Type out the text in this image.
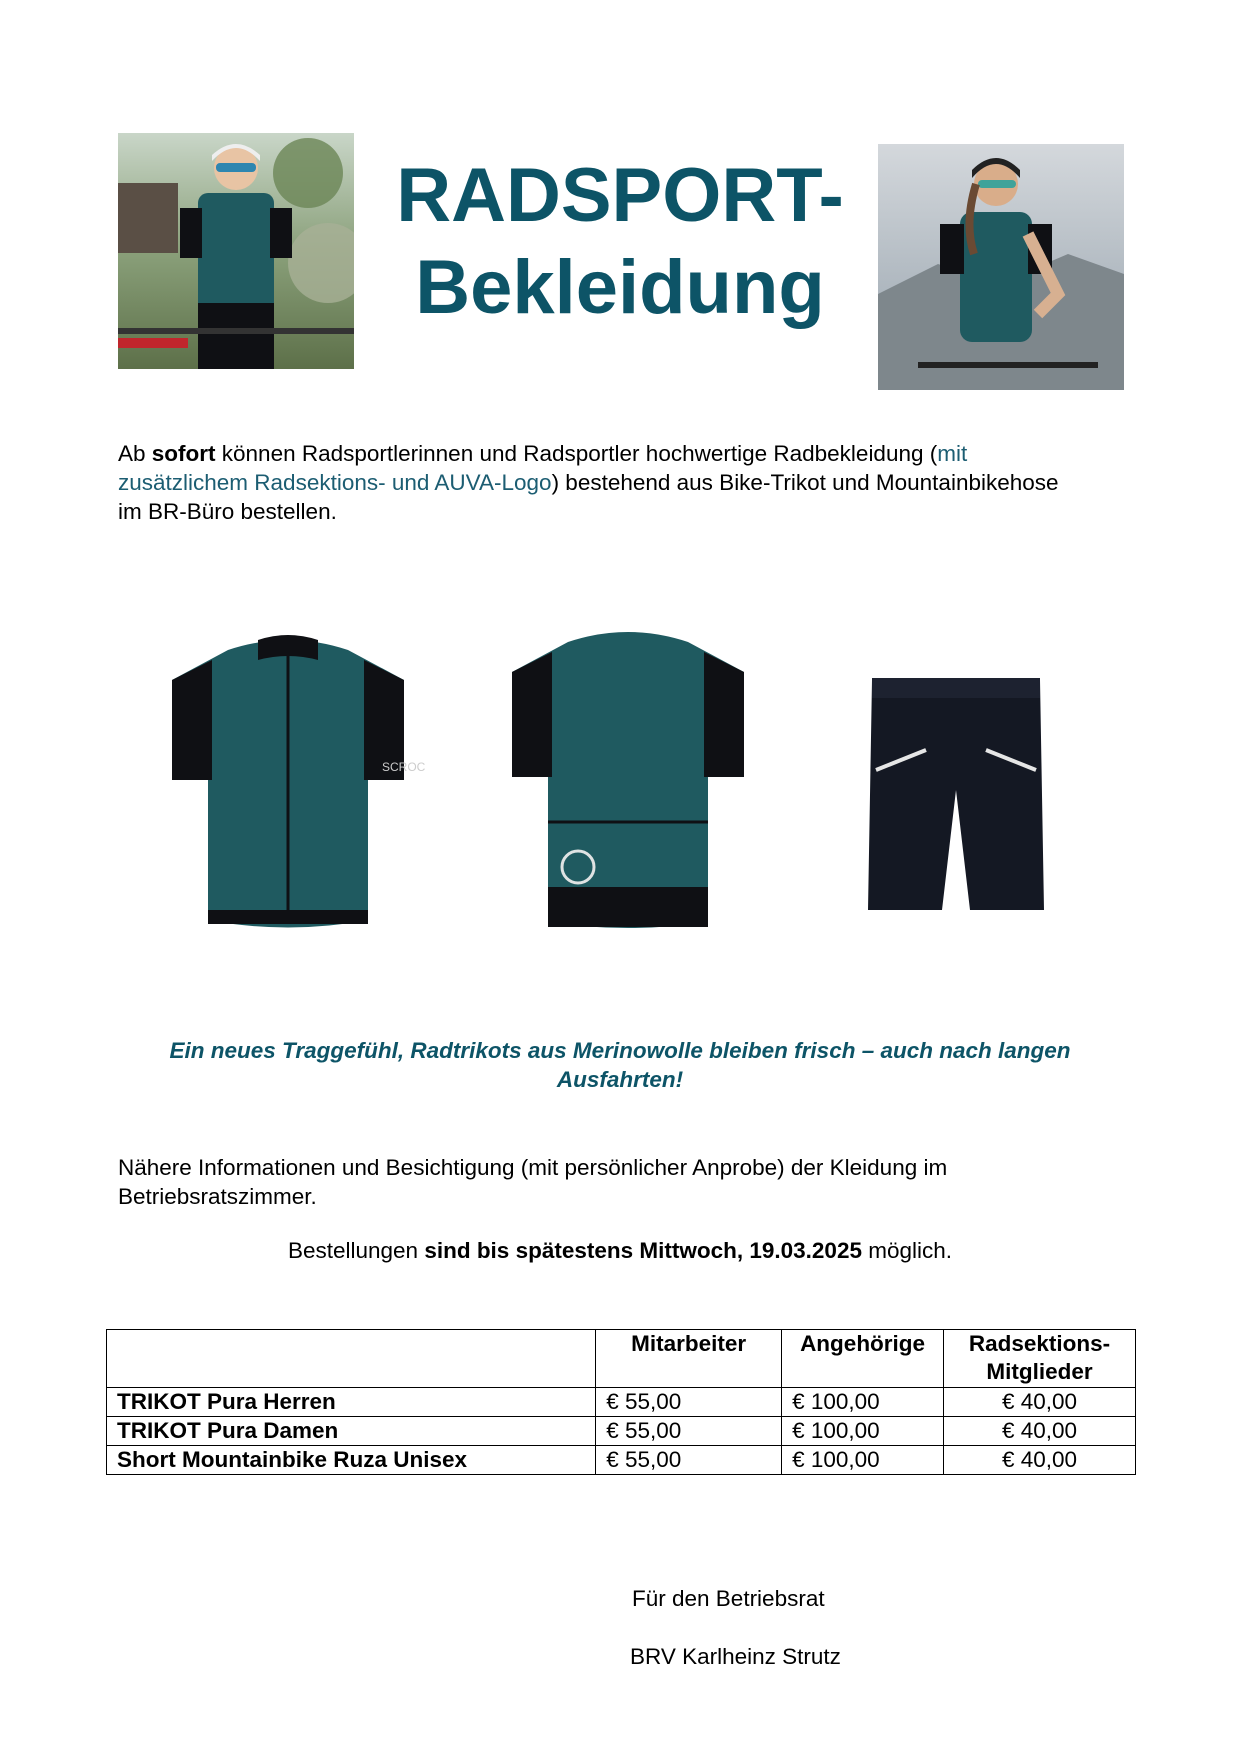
RADSPORT-
Bekleidung
Ab sofort können Radsportlerinnen und Radsportler hochwertige Radbekleidung (mit zusätzlichem Radsektions- und AUVA-Logo) bestehend aus Bike-Trikot und Mountainbikehose im BR-Büro bestellen.
SCROC
Ein neues Traggefühl, Radtrikots aus Merinowolle bleiben frisch – auch nach langen Ausfahrten!
Nähere Informationen und Besichtigung (mit persönlicher Anprobe) der Kleidung im Betriebsratszimmer.
Bestellungen sind bis spätestens Mittwoch, 19.03.2025 möglich.
	Mitarbeiter	Angehörige	Radsektions-Mitglieder
TRIKOT Pura Herren	€ 55,00	€ 100,00	€ 40,00
TRIKOT Pura Damen	€ 55,00	€ 100,00	€ 40,00
Short Mountainbike Ruza Unisex	€ 55,00	€ 100,00	€ 40,00
Für den Betriebsrat
BRV Karlheinz Strutz
